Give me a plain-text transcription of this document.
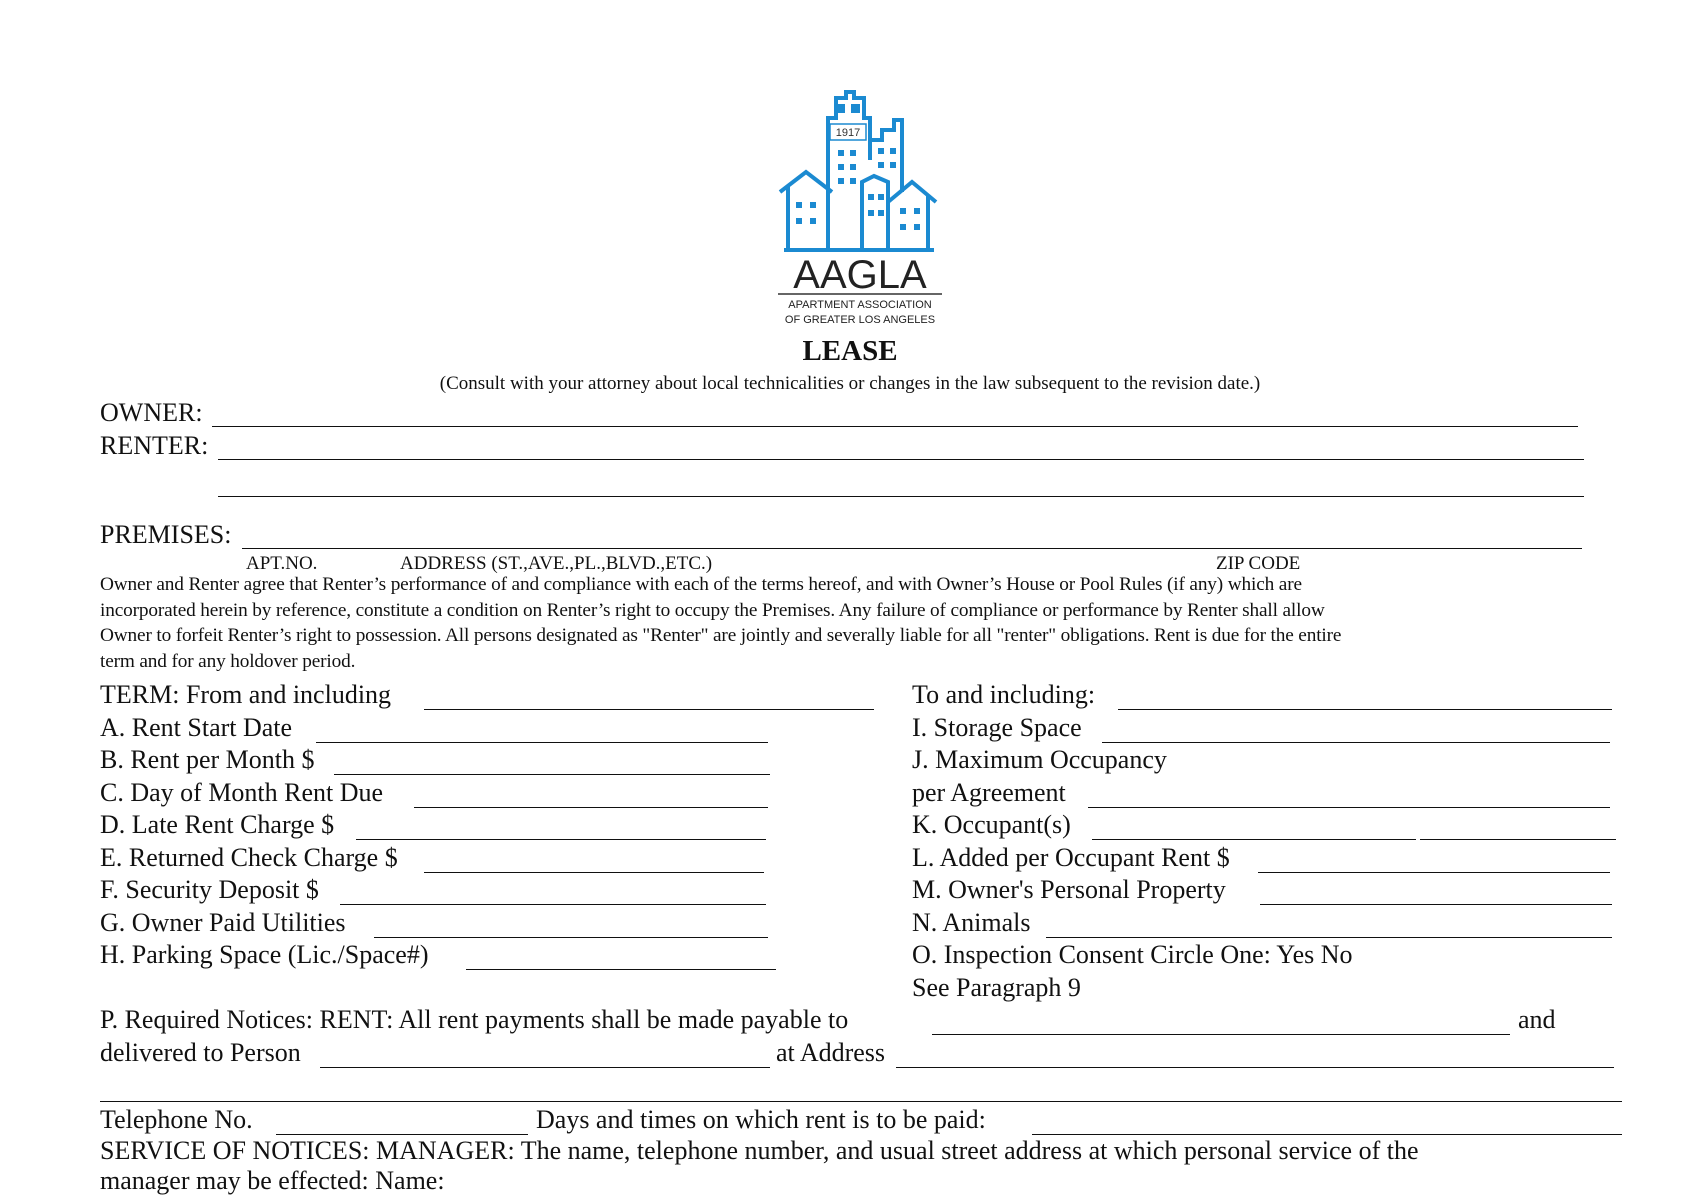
1917
AAGLA
APARTMENT ASSOCIATION
OF GREATER LOS ANGELES
LEASE
(Consult with your attorney about local technicalities or changes in the law subsequent to the revision date.)
OWNER:
RENTER:
PREMISES:
APT.NO.	ADDRESS (ST.,AVE.,PL.,BLVD.,ETC.)	ZIP CODE
Owner and Renter agree that Renter’s performance of and compliance with each of the terms hereof, and with Owner’s House or Pool Rules (if any) which are
incorporated herein by reference, constitute a condition on Renter’s right to occupy the Premises. Any failure of compliance or performance by Renter shall allow
Owner to forfeit Renter’s right to possession. All persons designated as "Renter" are jointly and severally liable for all "renter" obligations. Rent is due for the entire
term and for any holdover period.
TERM: From and including	To and including:
A. Rent Start Date
B. Rent per Month $
C. Day of Month Rent Due
D. Late Rent Charge $
E. Returned Check Charge $
F. Security Deposit $
G. Owner Paid Utilities
H. Parking Space (Lic./Space#)
I. Storage Space
J. Maximum Occupancy
per Agreement
K. Occupant(s)
L. Added per Occupant Rent $
M. Owner's Personal Property
N. Animals
O. Inspection Consent Circle One: Yes No
See Paragraph 9
P. Required Notices: RENT: All rent payments shall be made payable to	and
delivered to Person	at Address
Telephone No.	Days and times on which rent is to be paid:
SERVICE OF NOTICES: MANAGER: The name, telephone number, and usual street address at which personal service of the
manager may be effected: Name:
